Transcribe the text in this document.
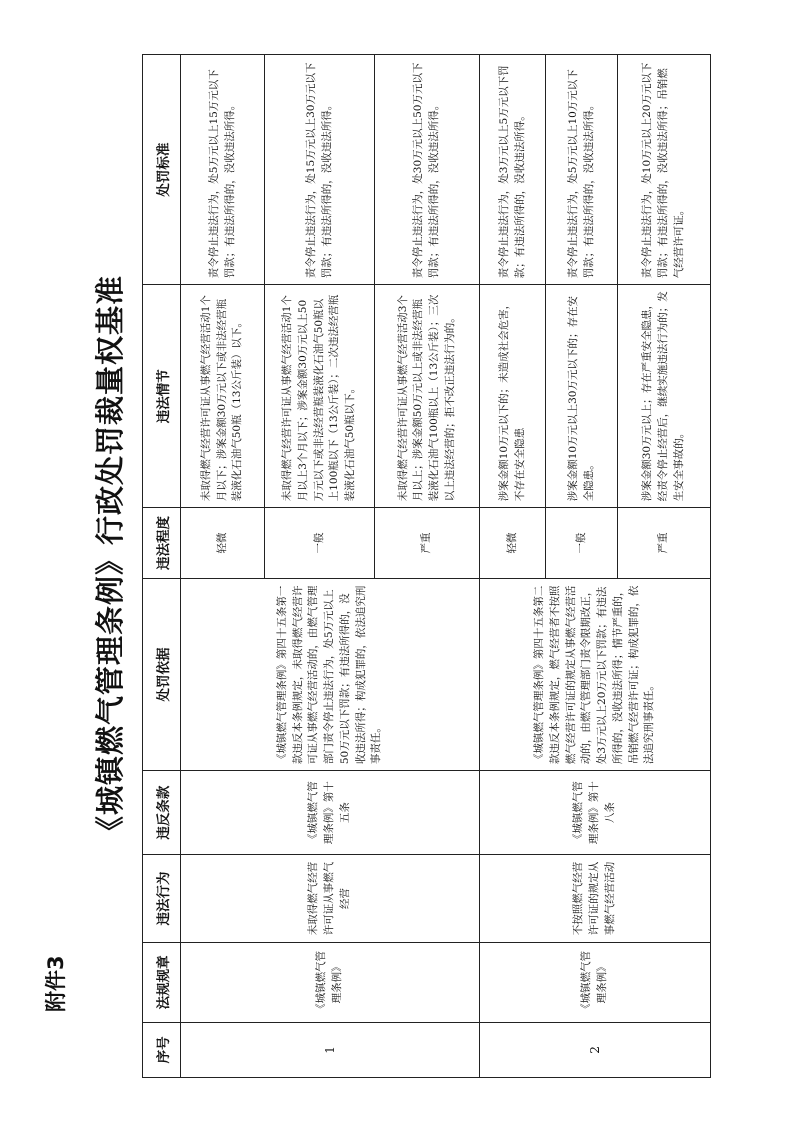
附件3
《城镇燃气管理条例》行政处罚裁量权基准
序号	法规规章	违法行为	违反条款	处罚依据	违法程度	违法情节	处罚标准
1	《城镇燃气管理条例》	未取得燃气经营许可证从事燃气经营	《城镇燃气管理条例》第十五条	《城镇燃气管理条例》第四十五条第一款违反本条例规定，未取得燃气经营许可证从事燃气经营活动的，由燃气管理部门责令停止违法行为，处5万元以上50万元以下罚款；有违法所得的，没收违法所得；构成犯罪的，依法追究刑事责任。	轻微	未取得燃气经营许可证从事燃气经营活动1个月以下；涉案金额30万元以下或非法经营瓶装液化石油气50瓶（13公斤装）以下。	责令停止违法行为，处5万元以上15万元以下罚款；有违法所得的，没收违法所得。
					一般	未取得燃气经营许可证从事燃气经营活动1个月以上3个月以下；涉案金额30万元以上50万元以下或非法经营瓶装液化石油气50瓶以上100瓶以下（13公斤装）；二次违法经营瓶装液化石油气50瓶以下。	责令停止违法行为，处15万元以上30万元以下罚款；有违法所得的，没收违法所得。
					严重	未取得燃气经营许可证从事燃气经营活动3个月以上；涉案金额50万元以上或非法经营瓶装液化石油气100瓶以上（13公斤装）；三次以上违法经营的；拒不改正违法行为的。	责令停止违法行为，处30万元以上50万元以下罚款；有违法所得的，没收违法所得。
2	《城镇燃气管理条例》	不按照燃气经营许可证的规定从事燃气经营活动	《城镇燃气管理条例》第十八条	《城镇燃气管理条例》第四十五条第二款违反本条例规定，燃气经营者不按照燃气经营许可证的规定从事燃气经营活动的，由燃气管理部门责令限期改正，处3万元以上20万元以下罚款；有违法所得的，没收违法所得；情节严重的，吊销燃气经营许可证；构成犯罪的，依法追究刑事责任。	轻微	涉案金额10万元以下的；未造成社会危害，不存在安全隐患	责令停止违法行为，处3万元以上5万元以下罚款；有违法所得的，没收违法所得。
					一般	涉案金额10万元以上30万元以下的；存在安全隐患。	责令停止违法行为，处5万元以上10万元以下罚款；有违法所得的，没收违法所得。
					严重	涉案金额30万元以上；存在严重安全隐患，经责令停止经营后，继续实施违法行为的；发生安全事故的。	责令停止违法行为，处10万元以上20万元以下罚款；有违法所得的，没收违法所得；吊销燃气经营许可证。
